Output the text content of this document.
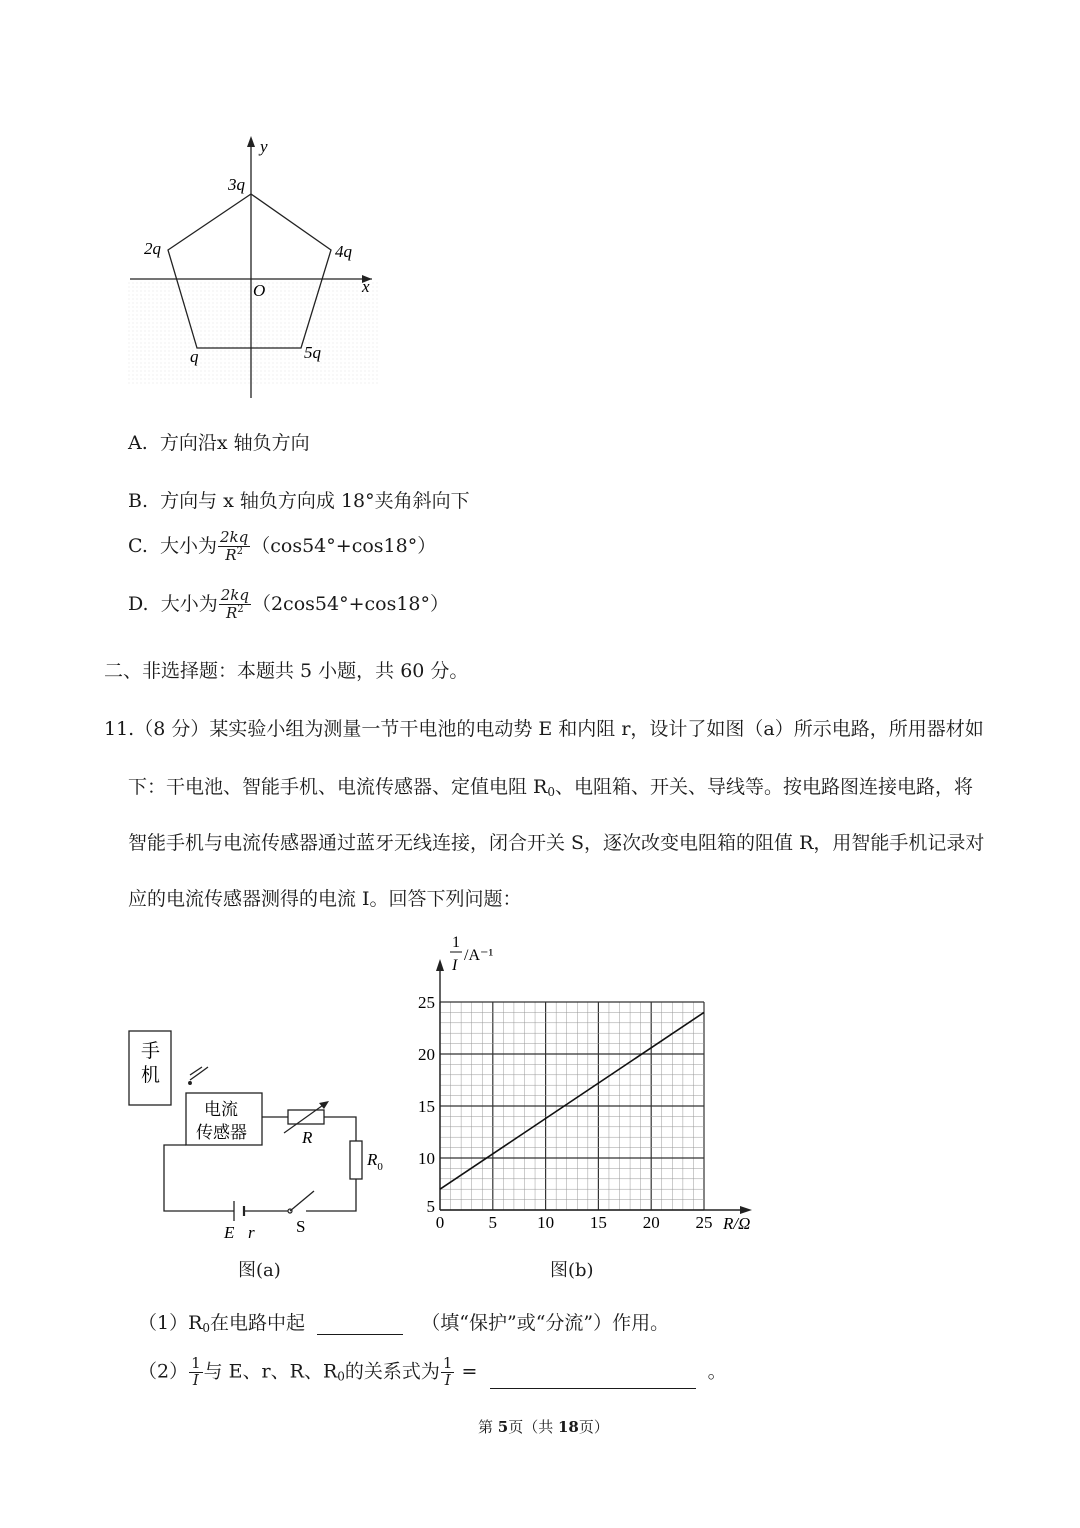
y
x
O
3q
2q	4q
q	5q
A. 方向沿x 轴负方向
B. 方向与 x 轴负方向成 18°夹角斜向下
C. 大小为 $\frac{2kq}{R^2} (\cos 54^\circ+\cos 18^\circ)$
D. 大小为 $\frac{2kq}{R^2} (2\cos 54^\circ+\cos 18^\circ)$
二、非选择题：本题共 5 小题，共 60 分。
11.（8 分）某实验小组为测量一节干电池的电动势 E 和内阻 r，设计了如图（a）所示电路，所用器材如
下：干电池、智能手机、电流传感器、定值电阻 $R_0$、电阻箱、开关、导线等。按电路图连接电路，将
智能手机与电流传感器通过蓝牙无线连接，闭合开关 S，逐次改变电阻箱的阻值 R，用智能手机记录对
应的电流传感器测得的电流 I。回答下列问题：
手
机
电流
传感器	R
$R_0$
E r S
图(a)
0	5 10 15 20 25
5
10
15
20
25
1
I
/A⁻¹
R/Ω
图(b)
$(1)R_0$在电路中起	（填“保护”或“分流”）作用。
$(2) \frac{1}{I}$ 与 E、r、R、$R_0$的关系式为 $\frac{1}{I}$ =	。
第 5页（共 18页）
